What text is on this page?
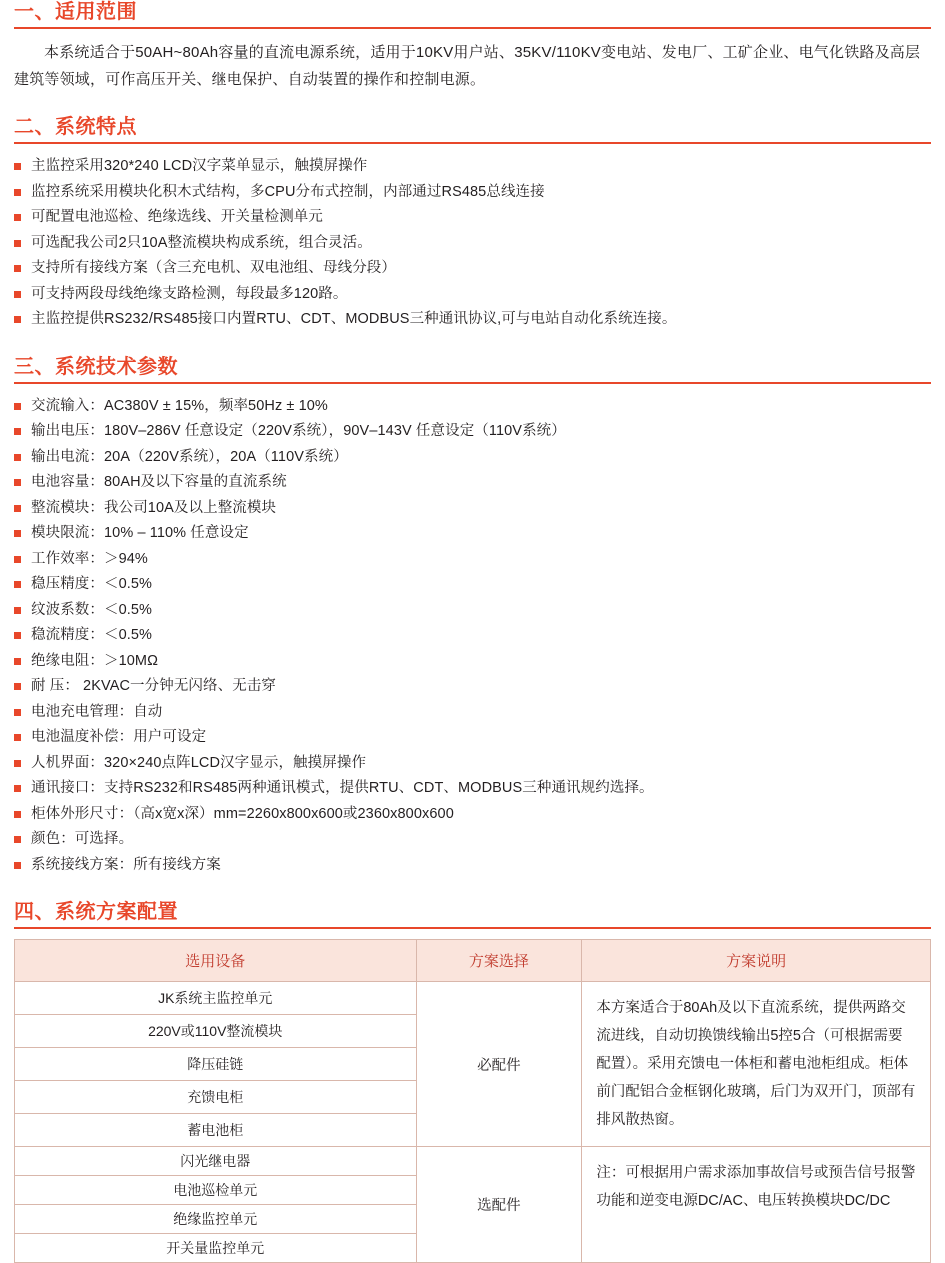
一、适用范围

本系统适合于50AH~80Ah容量的直流电源系统，适用于10KV用户站、35KV/110KV变电站、发电厂、工矿企业、电气化铁路及高层建筑等领域，可作高压开关、继电保护、自动装置的操作和控制电源。

二、系统特点
主监控采用320*240 LCD汉字菜单显示，触摸屏操作
监控系统采用模块化积木式结构，多CPU分布式控制，内部通过RS485总线连接
可配置电池巡检、绝缘选线、开关量检测单元
可选配我公司2只10A整流模块构成系统，组合灵活。
支持所有接线方案（含三充电机、双电池组、母线分段）
可支持两段母线绝缘支路检测，每段最多120路。
主监控提供RS232/RS485接口内置RTU、CDT、MODBUS三种通讯协议,可与电站自动化系统连接。
三、系统技术参数
交流输入：AC380V ± 15%，频率50Hz ± 10%
输出电压：180V–286V 任意设定（220V系统），90V–143V 任意设定（110V系统）
输出电流：20A（220V系统），20A（110V系统）
电池容量：80AH及以下容量的直流系统
整流模块：我公司10A及以上整流模块
模块限流：10% – 110% 任意设定
工作效率：＞94%
稳压精度：＜0.5%
纹波系数：＜0.5%
稳流精度：＜0.5%
绝缘电阻：＞10MΩ
耐 压： 2KVAC一分钟无闪络、无击穿
电池充电管理：自动
电池温度补偿：用户可设定
人机界面：320×240点阵LCD汉字显示，触摸屏操作
通讯接口：支持RS232和RS485两种通讯模式，提供RTU、CDT、MODBUS三种通讯规约选择。
柜体外形尺寸：（高x宽x深）mm=2260x800x600或2360x800x600
颜色：可选择。
系统接线方案：所有接线方案
四、系统方案配置
选用设备	方案选择	方案说明
JK系统主监控单元	必配件	本方案适合于80Ah及以下直流系统，提供两路交流进线，自动切换馈线输出5控5合（可根据需要配置）。采用充馈电一体柜和蓄电池柜组成。柜体前门配铝合金框钢化玻璃，后门为双开门，顶部有排风散热窗。

220V或110V整流模块		
降压硅链		
充馈电柜		
蓄电池柜		
闪光继电器	选配件	注：可根据用户需求添加事故信号或预告信号报警功能和逆变电源DC/AC、电压转换模块DC/DC

电池巡检单元		
绝缘监控单元		
开关量监控单元		
